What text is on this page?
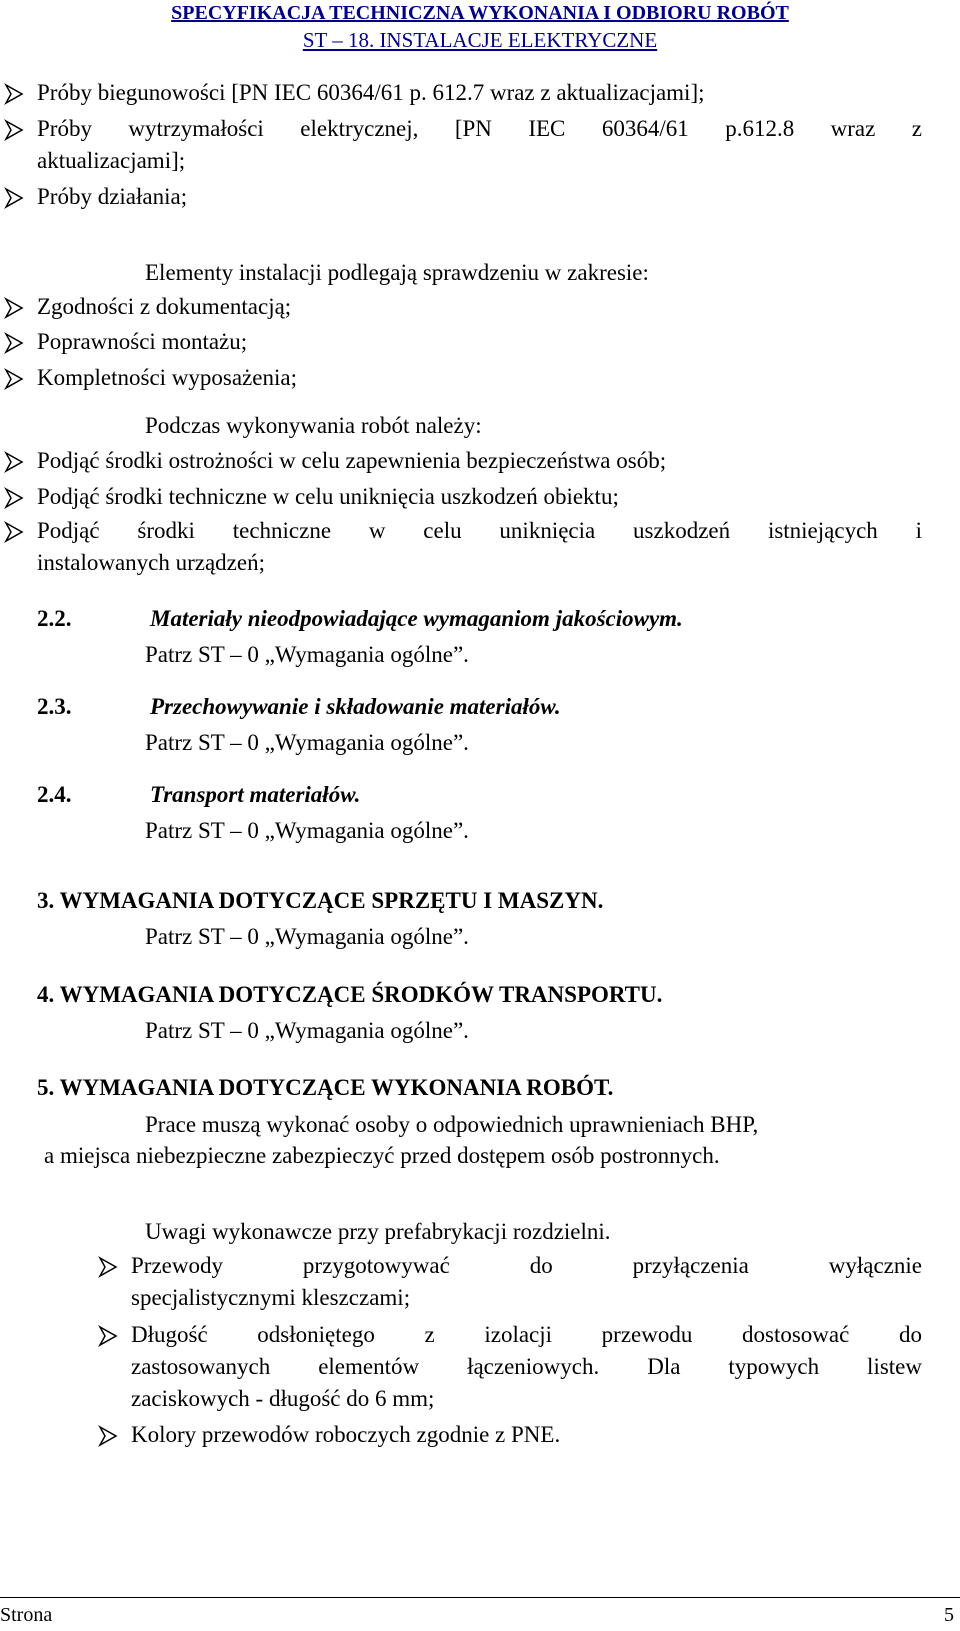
SPECYFIKACJA TECHNICZNA WYKONANIA I ODBIORU ROBÓT
ST – 18. INSTALACJE ELEKTRYCZNE
Próby biegunowości [PN IEC 60364/61 p. 612.7 wraz z aktualizacjami];
Próby wytrzymałości elektrycznej, [PN IEC 60364/61 p.612.8 wraz z
aktualizacjami];
Próby działania;
Elementy instalacji podlegają sprawdzeniu w zakresie:
Zgodności z dokumentacją;
Poprawności montażu;
Kompletności wyposażenia;
Podczas wykonywania robót należy:
Podjąć środki ostrożności w celu zapewnienia bezpieczeństwa osób;
Podjąć środki techniczne w celu uniknięcia uszkodzeń obiektu;
Podjąć środki techniczne w celu uniknięcia uszkodzeń istniejących i
instalowanych urządzeń;
2.2.	Materiały nieodpowiadające wymaganiom jakościowym.
Patrz ST – 0 „Wymagania ogólne”.
2.3.	Przechowywanie i składowanie materiałów.
Patrz ST – 0 „Wymagania ogólne”.
2.4.	Transport materiałów.
Patrz ST – 0 „Wymagania ogólne”.
3. WYMAGANIA DOTYCZĄCE SPRZĘTU I MASZYN.
Patrz ST – 0 „Wymagania ogólne”.
4. WYMAGANIA DOTYCZĄCE ŚRODKÓW TRANSPORTU.
Patrz ST – 0 „Wymagania ogólne”.
5. WYMAGANIA DOTYCZĄCE WYKONANIA ROBÓT.
Prace muszą wykonać osoby o odpowiednich uprawnieniach BHP,
a miejsca niebezpieczne zabezpieczyć przed dostępem osób postronnych.
Uwagi wykonawcze przy prefabrykacji rozdzielni.
Przewody przygotowywać do przyłączenia wyłącznie
specjalistycznymi kleszczami;
Długość odsłoniętego z izolacji przewodu dostosować do
zastosowanych elementów łączeniowych. Dla typowych listew
zaciskowych - długość do 6 mm;
Kolory przewodów roboczych zgodnie z PNE.
Strona	5
